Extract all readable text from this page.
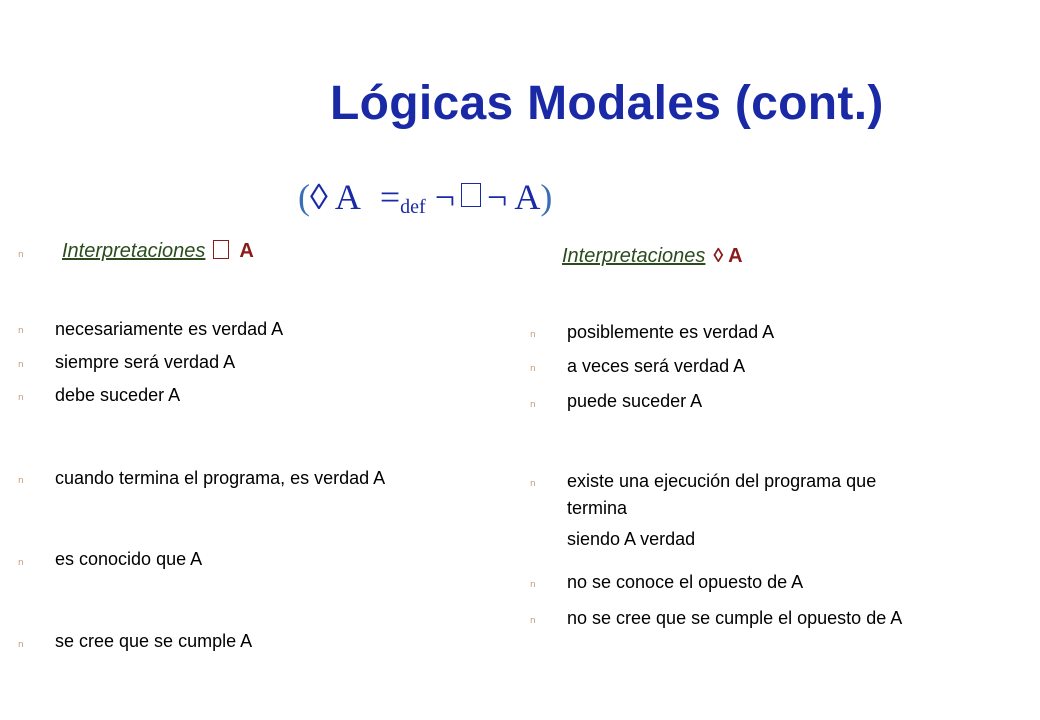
Lógicas Modales (cont.)
(◊ $A =_{def}$ ¬ ¬ A)
n Interpretaciones A
n necesariamente es verdad A
n siempre será verdad A
n debe suceder A
n cuando termina el programa, es verdad A
n es conocido que A
n se cree que se cumple A
Interpretaciones ◊ A
n posiblemente es verdad A
n a veces será verdad A
n puede suceder A
n existe una ejecución del programa que
termina
siendo A verdad
n no se conoce el opuesto de A
n no se cree que se cumple el opuesto de A
